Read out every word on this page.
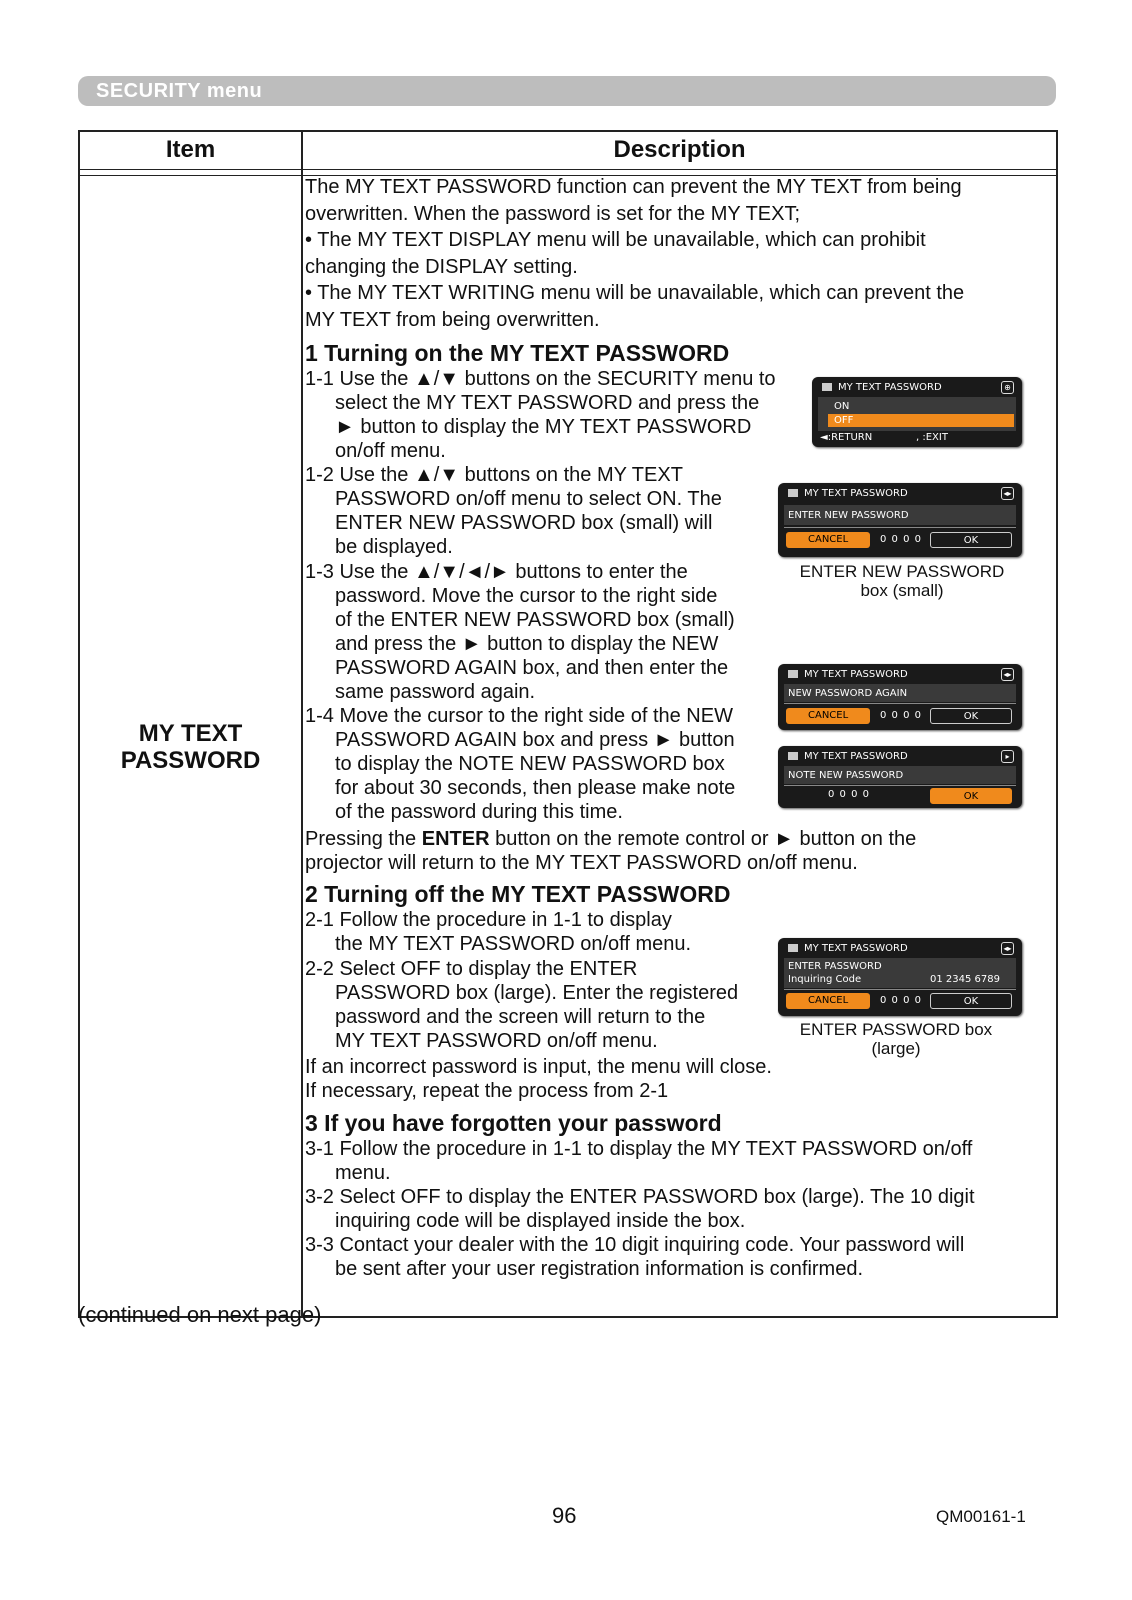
SECURITY menu
Item	Description
MY TEXT
PASSWORD
The MY TEXT PASSWORD function can prevent the MY TEXT from being
overwritten. When the password is set for the MY TEXT;
• The MY TEXT DISPLAY menu will be unavailable, which can prohibit
changing the DISPLAY setting.
• The MY TEXT WRITING menu will be unavailable, which can prevent the
MY TEXT from being overwritten.
1 Turning on the MY TEXT PASSWORD
1-1 Use the ▲/▼ buttons on the SECURITY menu to
select the MY TEXT PASSWORD and press the
► button to display the MY TEXT PASSWORD
on/off menu.
1-2 Use the ▲/▼ buttons on the MY TEXT
PASSWORD on/off menu to select ON. The
ENTER NEW PASSWORD box (small) will
be displayed.
1-3 Use the ▲/▼/◄/► buttons to enter the
password. Move the cursor to the right side
of the ENTER NEW PASSWORD box (small)
and press the ► button to display the NEW
PASSWORD AGAIN box, and then enter the
same password again.
1-4 Move the cursor to the right side of the NEW
PASSWORD AGAIN box and press ► button
to display the NOTE NEW PASSWORD box
for about 30 seconds, then please make note
of the password during this time.
Pressing the ENTER button on the remote control or ► button on the
projector will return to the MY TEXT PASSWORD on/off menu.
2 Turning off the MY TEXT PASSWORD
2-1 Follow the procedure in 1-1 to display
the MY TEXT PASSWORD on/off menu.
2-2 Select OFF to display the ENTER
PASSWORD box (large). Enter the registered
password and the screen will return to the
MY TEXT PASSWORD on/off menu.
If an incorrect password is input, the menu will close.
If necessary, repeat the process from 2-1
3 If you have forgotten your password
3-1 Follow the procedure in 1-1 to display the MY TEXT PASSWORD on/off
menu.
3-2 Select OFF to display the ENTER PASSWORD box (large). The 10 digit
inquiring code will be displayed inside the box.
3-3 Contact your dealer with the 10 digit inquiring code. Your password will
be sent after your user registration information is confirmed.
MY TEXT PASSWORD	⊕
ON
OFF
◄:RETURN	, :EXIT
MY TEXT PASSWORD	◂▸
ENTER NEW PASSWORD
CANCEL	0 0 0 0	OK
ENTER NEW PASSWORD
box (small)
MY TEXT PASSWORD	◂▸
NEW PASSWORD AGAIN
CANCEL	0 0 0 0	OK
MY TEXT PASSWORD	▸
NOTE NEW PASSWORD
0 0 0 0	OK
MY TEXT PASSWORD	◂▸
ENTER PASSWORD
Inquiring Code	01 2345 6789
CANCEL	0 0 0 0	OK
ENTER PASSWORD box
(large)
(continued on next page)
96	QM00161-1
